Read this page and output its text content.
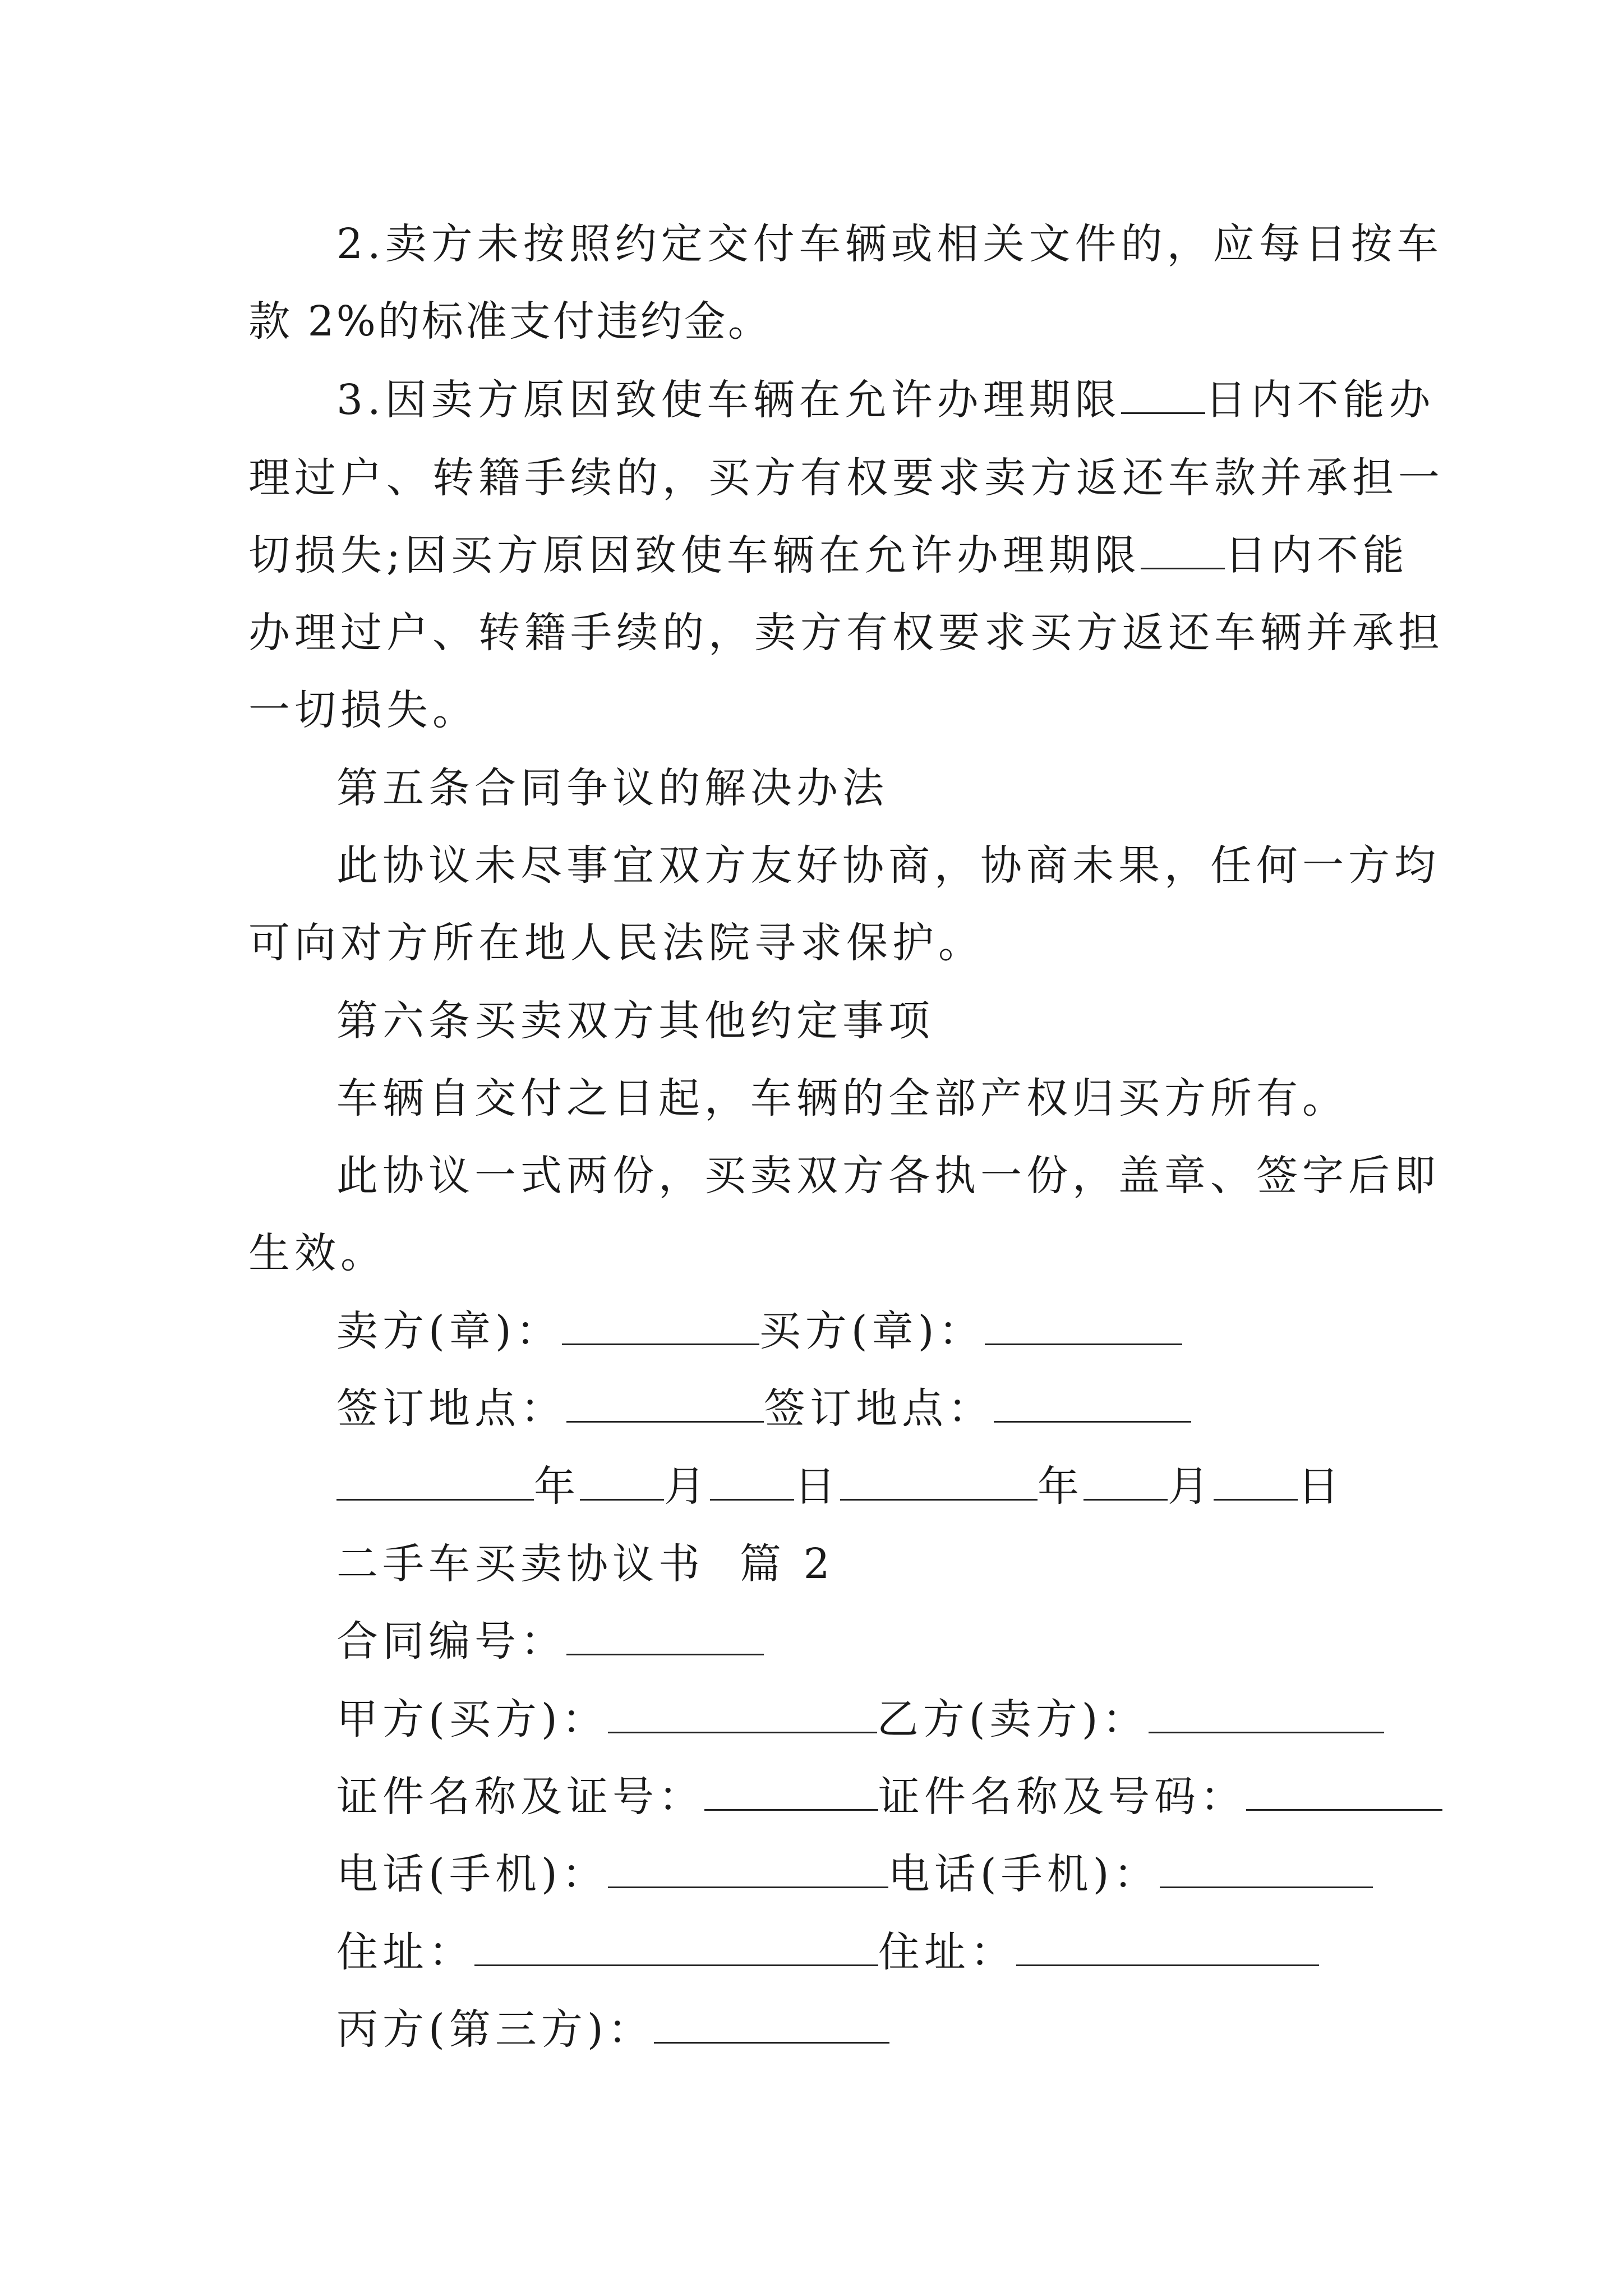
2.卖方未按照约定交付车辆或相关文件的，应每日按车
款 2%的标准支付违约金。
3.因卖方原因致使车辆在允许办理期限 日内不能办
理过户、转籍手续的，买方有权要求卖方返还车款并承担一
切损失;因买方原因致使车辆在允许办理期限 日内不能
办理过户、转籍手续的，卖方有权要求买方返还车辆并承担
一切损失。
第五条合同争议的解决办法
此协议未尽事宜双方友好协商，协商未果，任何一方均
可向对方所在地人民法院寻求保护。
第六条买卖双方其他约定事项
车辆自交付之日起，车辆的全部产权归买方所有。
此协议一式两份，买卖双方各执一份，盖章、签字后即
生效。
卖方(章)：	买方(章)：
签订地点：	签订地点：
年 月 日	年 月 日
二手车买卖协议书  篇 2
合同编号：
甲方(买方)：	乙方(卖方)：
证件名称及证号：	证件名称及号码：
电话(手机)：	电话(手机)：
住址：	住址：
丙方(第三方)：
